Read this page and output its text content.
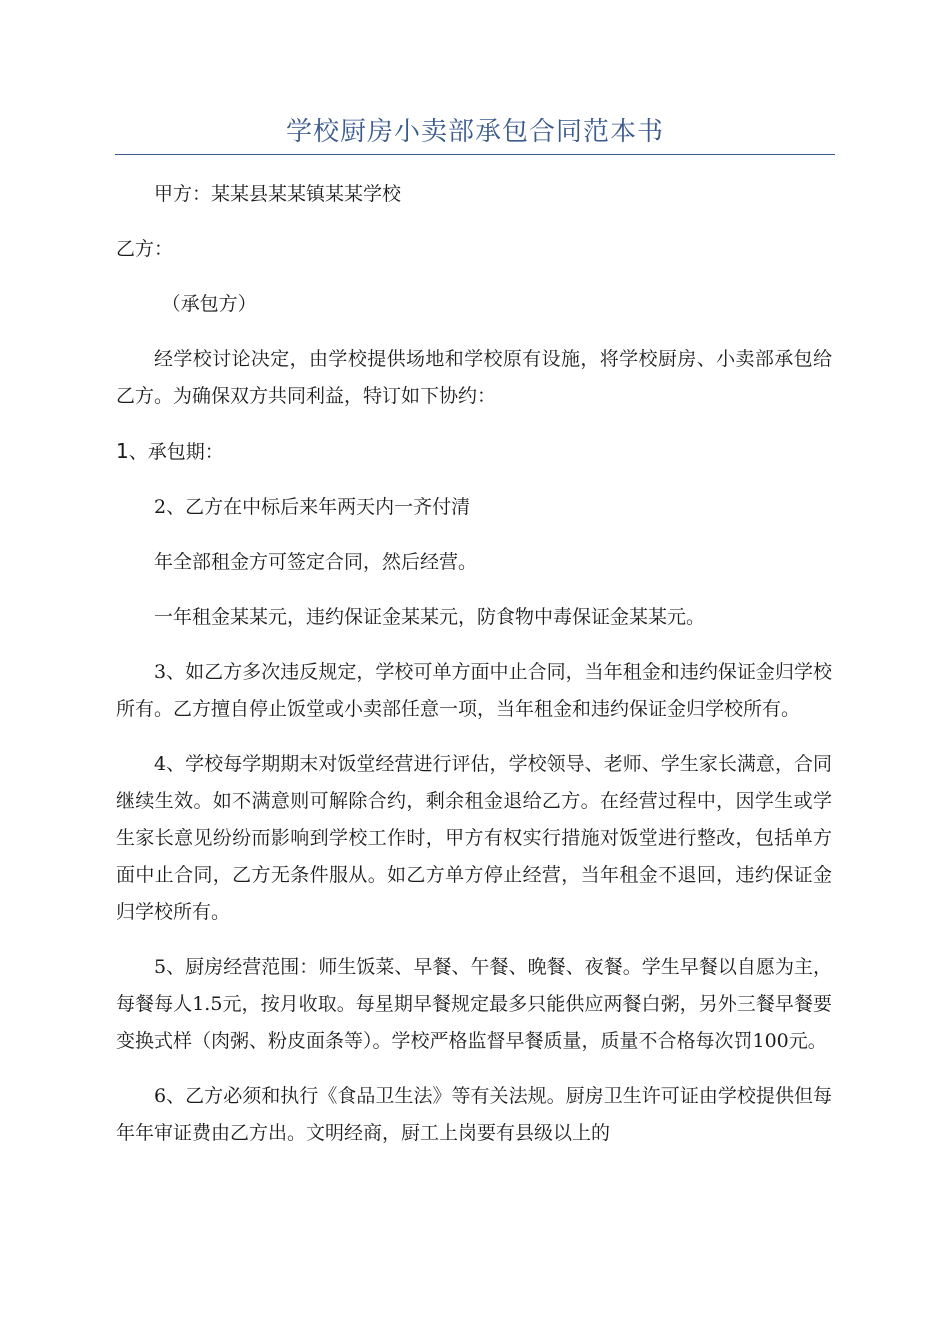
学校厨房小卖部承包合同范本书

甲方：某某县某某镇某某学校

乙方：

（承包方）

经学校讨论决定，由学校提供场地和学校原有设施，将学校厨房、小卖部承包给乙方。为确保双方共同利益，特订如下协约：

1、承包期：

2、乙方在中标后来年两天内一齐付清

年全部租金方可签定合同，然后经营。

一年租金某某元，违约保证金某某元，防食物中毒保证金某某元。

3、如乙方多次违反规定，学校可单方面中止合同，当年租金和违约保证金归学校所有。乙方擅自停止饭堂或小卖部任意一项，当年租金和违约保证金归学校所有。

4、学校每学期期末对饭堂经营进行评估，学校领导、老师、学生家长满意，合同继续生效。如不满意则可解除合约，剩余租金退给乙方。在经营过程中，因学生或学生家长意见纷纷而影响到学校工作时，甲方有权实行措施对饭堂进行整改，包括单方面中止合同，乙方无条件服从。如乙方单方停止经营，当年租金不退回，违约保证金归学校所有。

5、厨房经营范围：师生饭菜、早餐、午餐、晚餐、夜餐。学生早餐以自愿为主，每餐每人1.5元，按月收取。每星期早餐规定最多只能供应两餐白粥，另外三餐早餐要变换式样（肉粥、粉皮面条等）。学校严格监督早餐质量，质量不合格每次罚100元。

6、乙方必须和执行《食品卫生法》等有关法规。厨房卫生许可证由学校提供但每年年审证费由乙方出。文明经商，厨工上岗要有县级以上的
